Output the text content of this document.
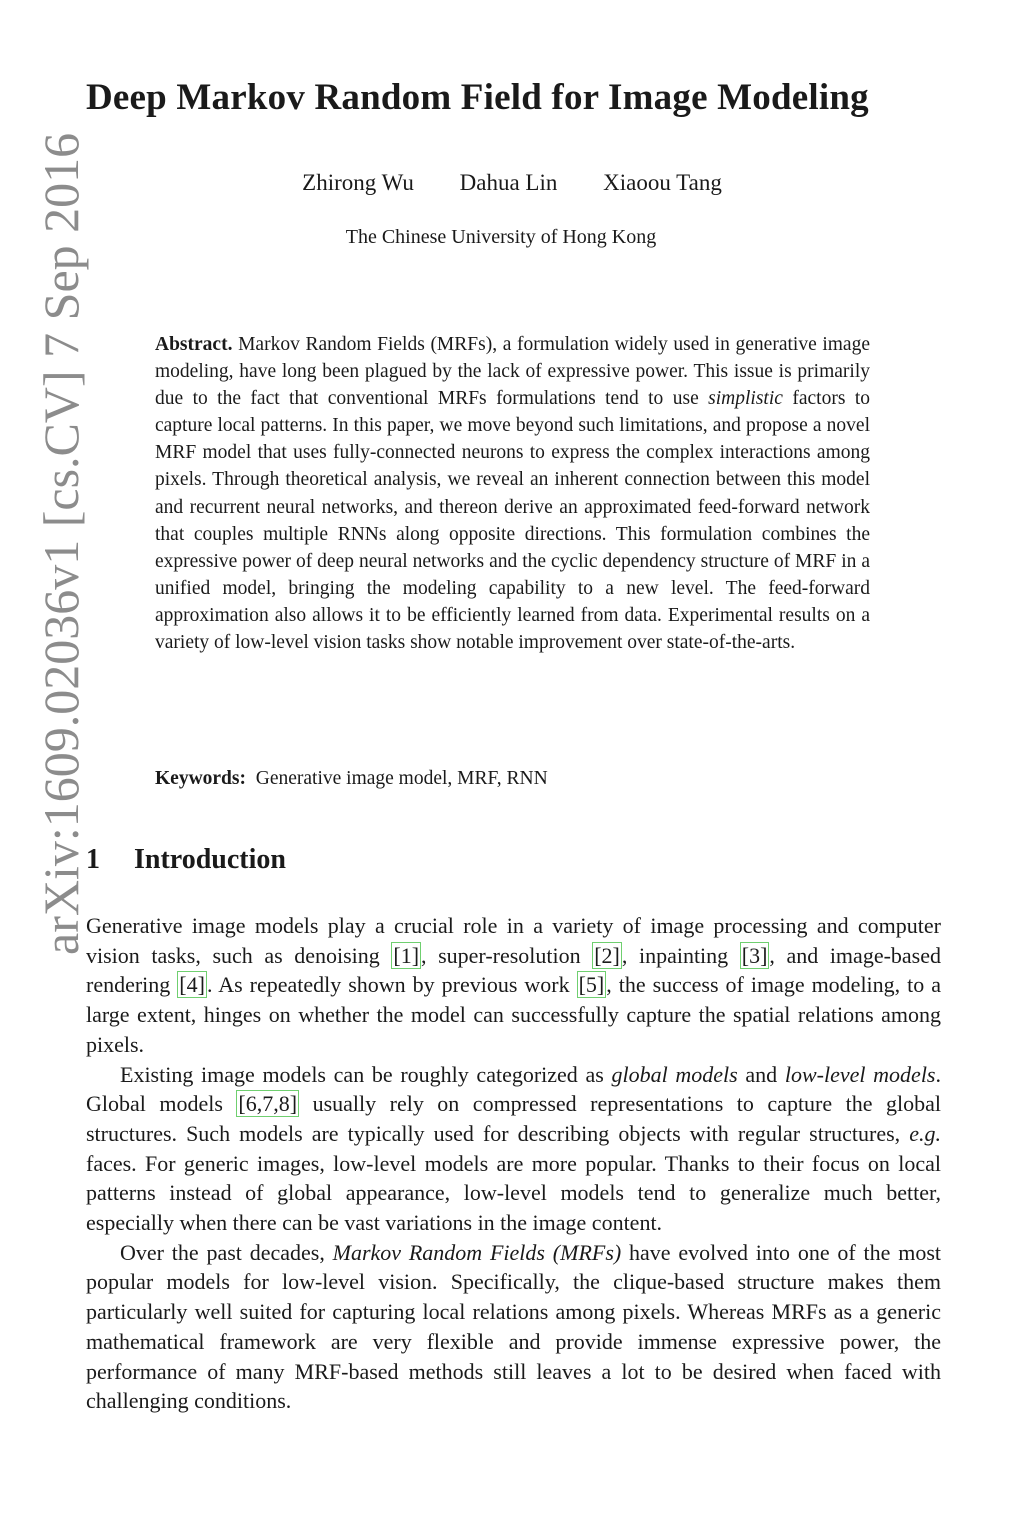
arXiv:1609.02036v1 [cs.CV] 7 Sep 2016
Deep Markov Random Field for Image Modeling
Zhirong Wu Dahua Lin Xiaoou Tang
The Chinese University of Hong Kong
Abstract. Markov Random Fields (MRFs), a formulation widely used in generative image modeling, have long been plagued by the lack of expressive power. This issue is primarily due to the fact that conventional MRFs formulations tend to use simplistic factors to capture local patterns. In this paper, we move beyond such limitations, and propose a novel MRF model that uses fully-connected neurons to express the complex interactions among pixels. Through theoretical analysis, we reveal an inherent connection between this model and recurrent neural networks, and thereon derive an approximated feed-forward network that couples multiple RNNs along opposite directions. This formulation combines the expressive power of deep neural networks and the cyclic dependency structure of MRF in a unified model, bringing the modeling capability to a new level. The feed-forward approximation also allows it to be efficiently learned from data. Experimental results on a variety of low-level vision tasks show notable improvement over state-of-the-arts.
Keywords: Generative image model, MRF, RNN
1 Introduction

Generative image models play a crucial role in a variety of image processing and computer vision tasks, such as denoising [1], super-resolution [2], inpainting [3], and image-based rendering [4]. As repeatedly shown by previous work [5], the success of image modeling, to a large extent, hinges on whether the model can successfully capture the spatial relations among pixels.

Existing image models can be roughly categorized as global models and low-level models. Global models [6,7,8] usually rely on compressed representations to capture the global structures. Such models are typically used for describing objects with regular structures, e.g. faces. For generic images, low-level models are more popular. Thanks to their focus on local patterns instead of global appearance, low-level models tend to generalize much better, especially when there can be vast variations in the image content.

Over the past decades, Markov Random Fields (MRFs) have evolved into one of the most popular models for low-level vision. Specifically, the clique-based structure makes them particularly well suited for capturing local relations among pixels. Whereas MRFs as a generic mathematical framework are very flexible and provide immense expressive power, the performance of many MRF-based methods still leaves a lot to be desired when faced with challenging conditions.
